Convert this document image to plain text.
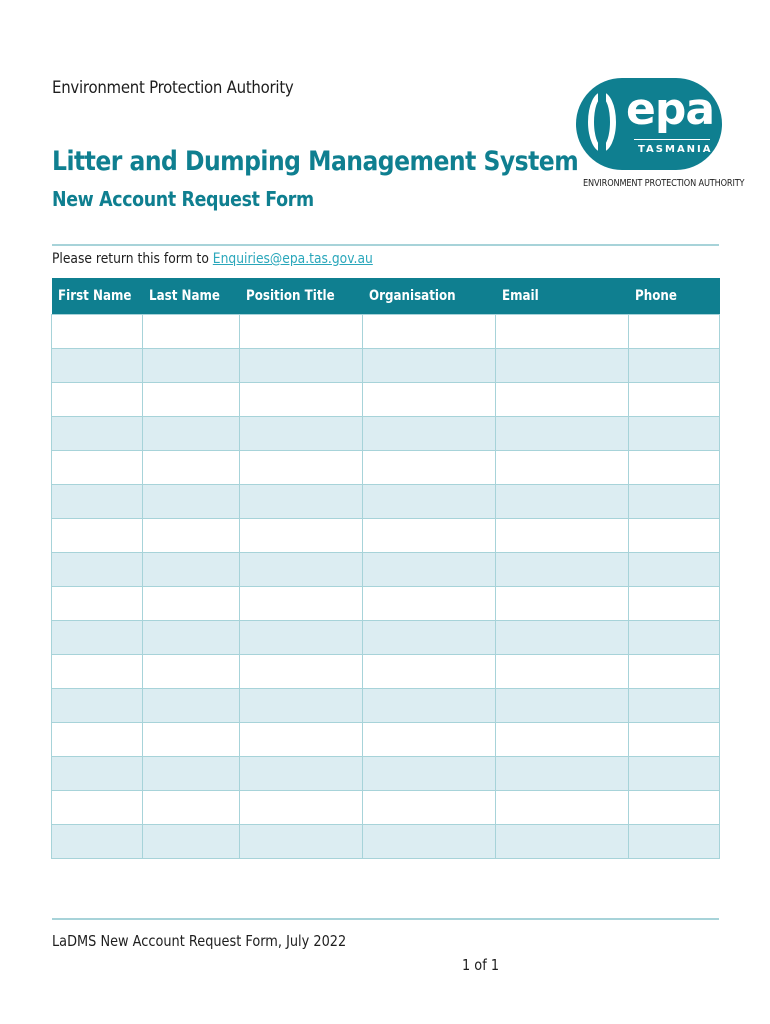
Environment Protection Authority	epa
TASMANIA
ENVIRONMENT PROTECTION AUTHORITY
Litter and Dumping Management System
New Account Request Form
Please return this form to Enquiries@epa.tas.gov.au
First Name	Last Name	Position Title	Organisation	Email	Phone

LaDMS New Account Request Form, July 2022
1 of 1
